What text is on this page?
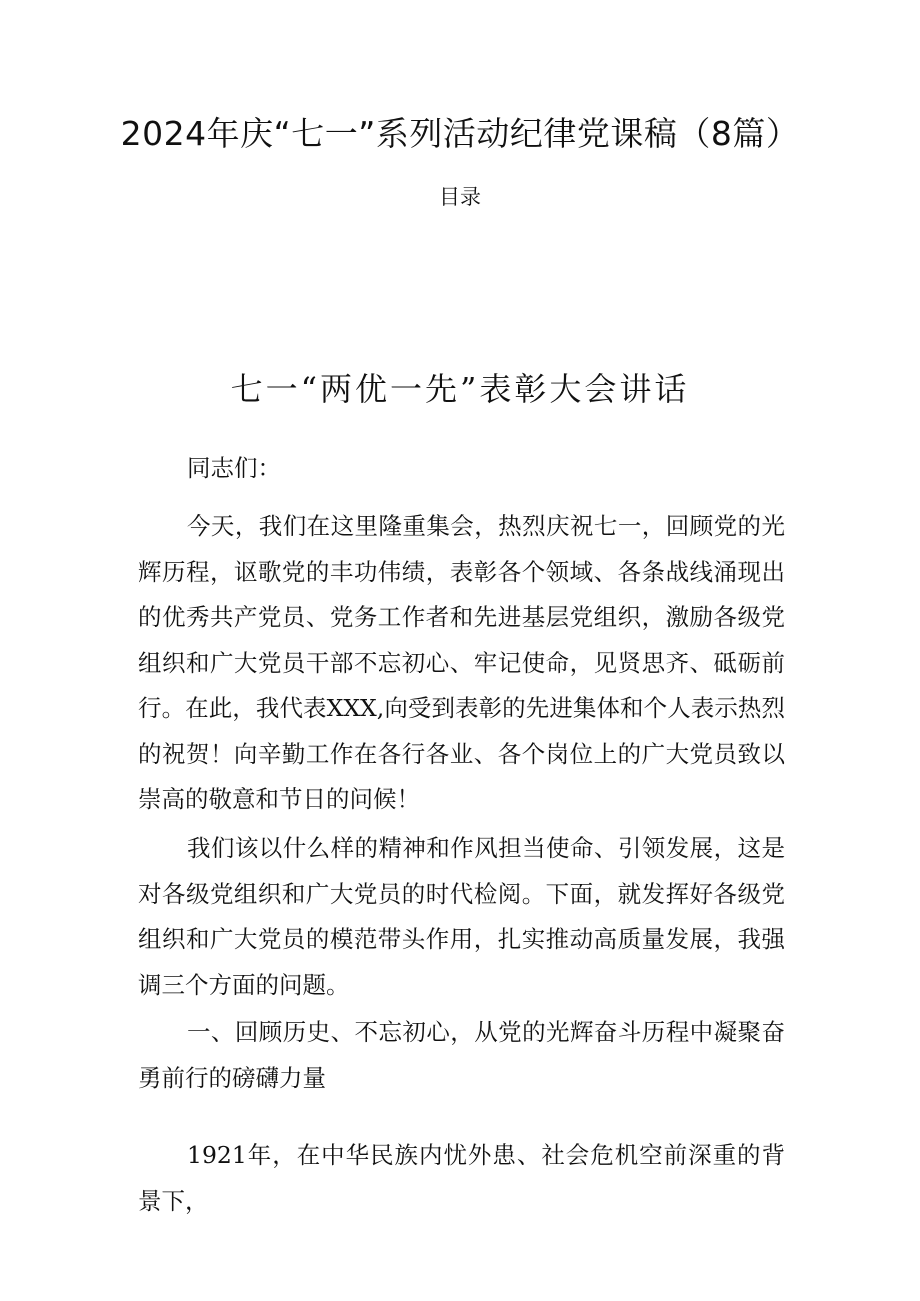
2024年庆“七一”系列活动纪律党课稿（8篇）
目录
七一“两优一先”表彰大会讲话

同志们：

今天，我们在这里隆重集会，热烈庆祝七一，回顾党的光辉历程，讴歌党的丰功伟绩，表彰各个领域、各条战线涌现出的优秀共产党员、党务工作者和先进基层党组织，激励各级党组织和广大党员干部不忘初心、牢记使命，见贤思齐、砥砺前行。在此，我代表XXX,向受到表彰的先进集体和个人表示热烈的祝贺！向辛勤工作在各行各业、各个岗位上的广大党员致以崇高的敬意和节日的问候！

我们该以什么样的精神和作风担当使命、引领发展，这是对各级党组织和广大党员的时代检阅。下面，就发挥好各级党组织和广大党员的模范带头作用，扎实推动高质量发展，我强调三个方面的问题。

一、回顾历史、不忘初心，从党的光辉奋斗历程中凝聚奋勇前行的磅礴力量

1921年，在中华民族内忧外患、社会危机空前深重的背景下，
